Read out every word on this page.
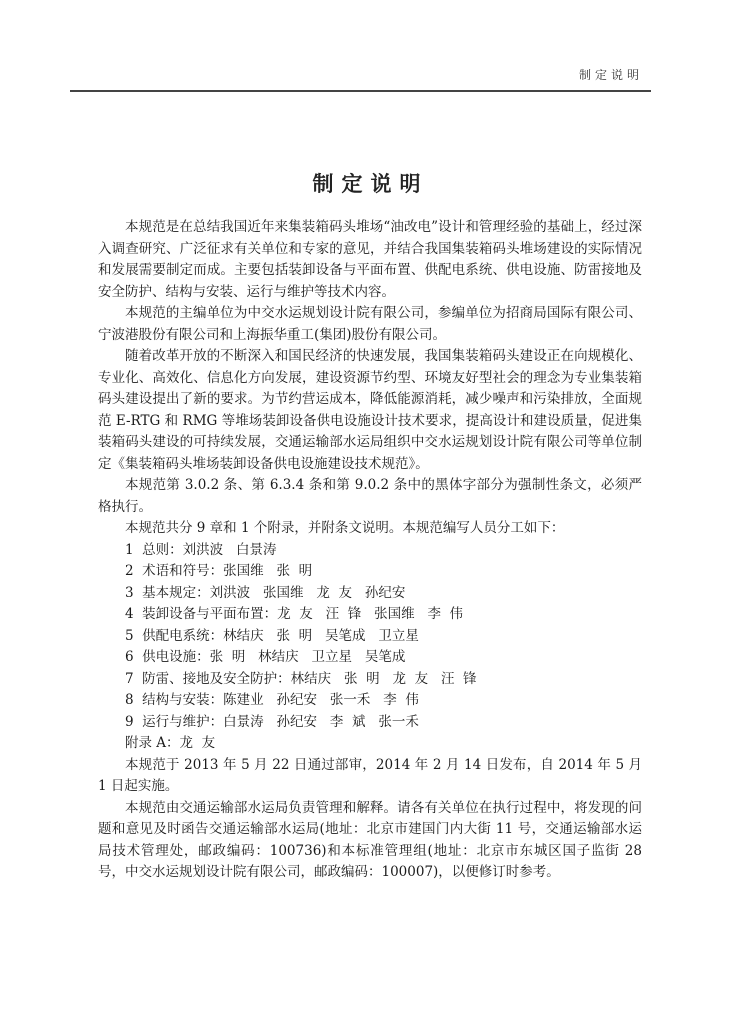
制定说明
制定说明

本规范是在总结我国近年来集装箱码头堆场“油改电”设计和管理经验的基础上，经过深入调查研究、广泛征求有关单位和专家的意见，并结合我国集装箱码头堆场建设的实际情况和发展需要制定而成。主要包括装卸设备与平面布置、供配电系统、供电设施、防雷接地及安全防护、结构与安装、运行与维护等技术内容。

本规范的主编单位为中交水运规划设计院有限公司，参编单位为招商局国际有限公司、宁波港股份有限公司和上海振华重工(集团)股份有限公司。

随着改革开放的不断深入和国民经济的快速发展，我国集装箱码头建设正在向规模化、专业化、高效化、信息化方向发展，建设资源节约型、环境友好型社会的理念为专业集装箱码头建设提出了新的要求。为节约营运成本，降低能源消耗，减少噪声和污染排放，全面规范 E-RTG 和 RMG 等堆场装卸设备供电设施设计技术要求，提高设计和建设质量，促进集装箱码头建设的可持续发展，交通运输部水运局组织中交水运规划设计院有限公司等单位制定《集装箱码头堆场装卸设备供电设施建设技术规范》。

本规范第 3.0.2 条、第 6.3.4 条和第 9.0.2 条中的黑体字部分为强制性条文，必须严格执行。

本规范共分 9 章和 1 个附录，并附条文说明。本规范编写人员分工如下：

1  总则：刘洪波   白景涛
2  术语和符号：张国维   张  明
3  基本规定：刘洪波   张国维   龙  友   孙纪安
4  装卸设备与平面布置：龙  友   汪  锋   张国维   李  伟
5  供配电系统：林结庆   张  明   吴笔成   卫立星
6  供电设施：张  明   林结庆   卫立星   吴笔成
7  防雷、接地及安全防护：林结庆   张  明   龙  友   汪  锋
8  结构与安装：陈建业   孙纪安   张一禾   李  伟
9  运行与维护：白景涛   孙纪安   李  斌   张一禾
附录 A：龙  友

本规范于 2013 年 5 月 22 日通过部审，2014 年 2 月 14 日发布，自 2014 年 5 月 1 日起实施。

本规范由交通运输部水运局负责管理和解释。请各有关单位在执行过程中，将发现的问题和意见及时函告交通运输部水运局(地址：北京市建国门内大街 11 号，交通运输部水运局技术管理处，邮政编码：100736)和本标准管理组(地址：北京市东城区国子监街 28 号，中交水运规划设计院有限公司，邮政编码：100007)，以便修订时参考。
